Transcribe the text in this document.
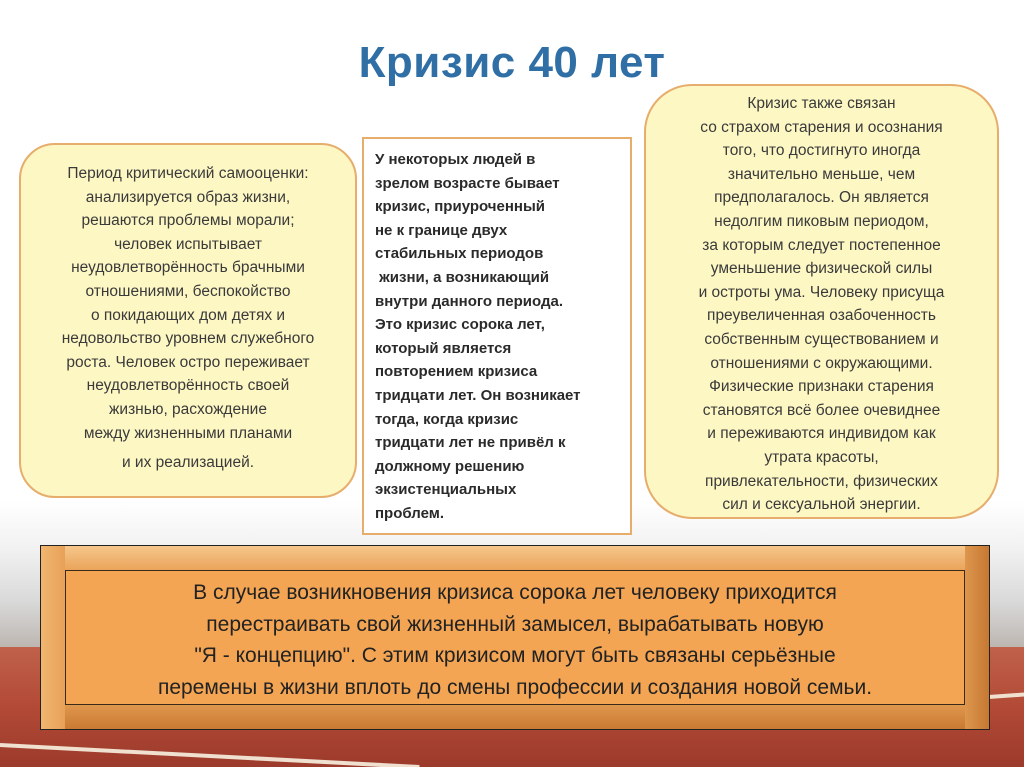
Кризис 40 лет
Период критический самооценки:
анализируется образ жизни,
решаются проблемы морали;
человек испытывает
неудовлетворённость брачными
отношениями, беспокойство
о покидающих дом детях и
недовольство уровнем служебного
роста. Человек остро переживает
неудовлетворённость своей
жизнью, расхождение
между жизненными планами
и их реализацией.
У некоторых людей в
зрелом возрасте бывает
кризис, приуроченный
не к границе двух
стабильных периодов
жизни, а возникающий
внутри данного периода.
Это кризис сорока лет,
который является
повторением кризиса
тридцати лет. Он возникает
тогда, когда кризис
тридцати лет не привёл к
должному решению
экзистенциальных
проблем.
Кризис также связан
со страхом старения и осознания
того, что достигнуто иногда
значительно меньше, чем
предполагалось. Он является
недолгим пиковым периодом,
за которым следует постепенное
уменьшение физической силы
и остроты ума. Человеку присуща
преувеличенная озабоченность
собственным существованием и
отношениями с окружающими.
Физические признаки старения
становятся всё более очевиднее
и переживаются индивидом как
утрата красоты,
привлекательности, физических
сил и сексуальной энергии.
В случае возникновения кризиса сорока лет человеку приходится
перестраивать свой жизненный замысел, вырабатывать новую
"Я - концепцию". С этим кризисом могут быть связаны серьёзные
перемены в жизни вплоть до смены профессии и создания новой семьи.
